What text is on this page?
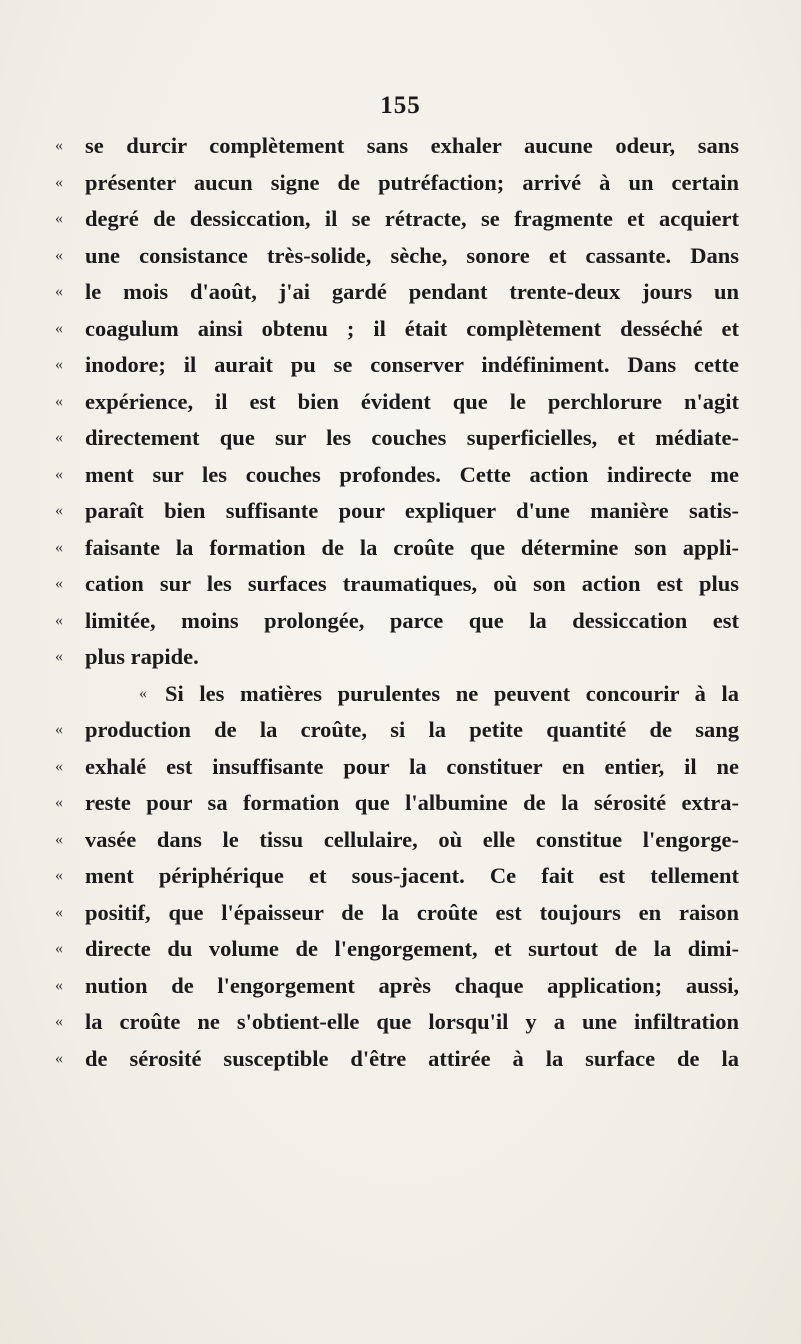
155
« se durcir complètement sans exhaler aucune odeur, sans
« présenter aucun signe de putréfaction; arrivé à un certain
« degré de dessiccation, il se rétracte, se fragmente et acquiert
« une consistance très-solide, sèche, sonore et cassante. Dans
« le mois d'août, j'ai gardé pendant trente-deux jours un
« coagulum ainsi obtenu ; il était complètement desséché et
« inodore; il aurait pu se conserver indéfiniment. Dans cette
« expérience, il est bien évident que le perchlorure n'agit
« directement que sur les couches superficielles, et médiate-
« ment sur les couches profondes. Cette action indirecte me
« paraît bien suffisante pour expliquer d'une manière satis-
« faisante la formation de la croûte que détermine son appli-
« cation sur les surfaces traumatiques, où son action est plus
« limitée, moins prolongée, parce que la dessiccation est
« plus rapide.
« Si les matières purulentes ne peuvent concourir à la
« production de la croûte, si la petite quantité de sang
« exhalé est insuffisante pour la constituer en entier, il ne
« reste pour sa formation que l'albumine de la sérosité extra-
« vasée dans le tissu cellulaire, où elle constitue l'engorge-
« ment périphérique et sous-jacent. Ce fait est tellement
« positif, que l'épaisseur de la croûte est toujours en raison
« directe du volume de l'engorgement, et surtout de la dimi-
« nution de l'engorgement après chaque application; aussi,
« la croûte ne s'obtient-elle que lorsqu'il y a une infiltration
« de sérosité susceptible d'être attirée à la surface de la
